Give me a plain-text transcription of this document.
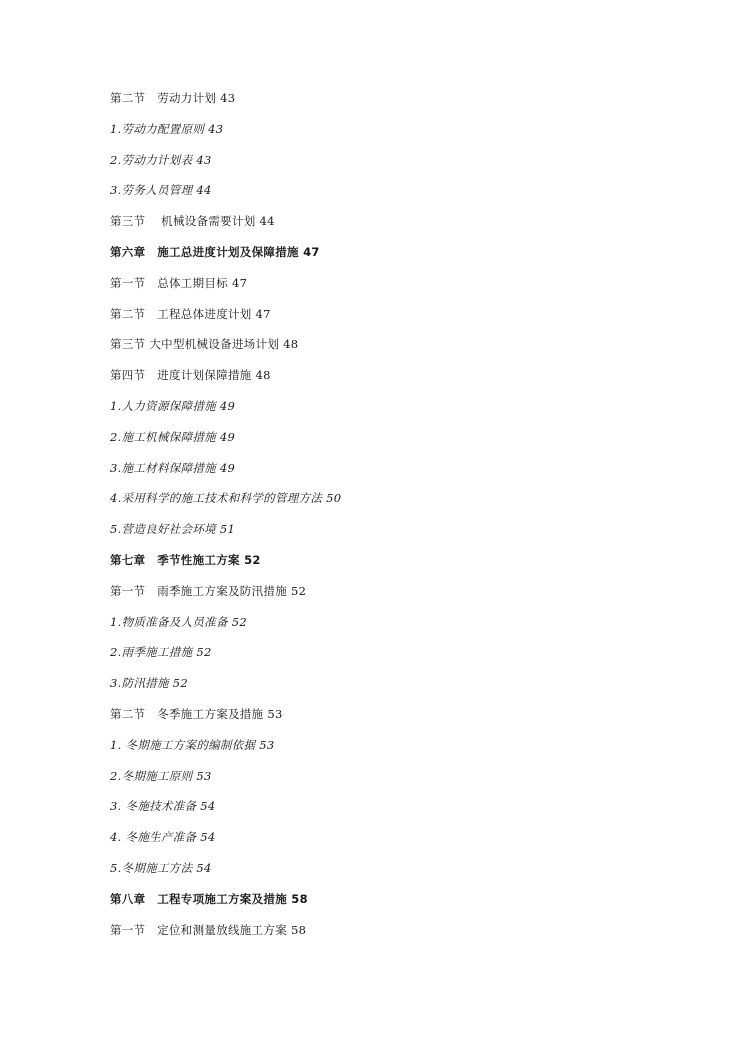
第二节　劳动力计划 43
1.劳动力配置原则 43
2.劳动力计划表 43
3.劳务人员管理 44
第三节　 机械设备需要计划 44
第六章　施工总进度计划及保障措施 47
第一节　总体工期目标 47
第二节　工程总体进度计划 47
第三节 大中型机械设备进场计划 48
第四节　进度计划保障措施 48
1.人力资源保障措施 49
2.施工机械保障措施 49
3.施工材料保障措施 49
4.采用科学的施工技术和科学的管理方法 50
5.营造良好社会环境 51
第七章　季节性施工方案 52
第一节　雨季施工方案及防汛措施 52
1.物质准备及人员准备 52
2.雨季施工措施 52
3.防汛措施 52
第二节　冬季施工方案及措施 53
1. 冬期施工方案的编制依据 53
2.冬期施工原则 53
3. 冬施技术准备 54
4. 冬施生产准备 54
5.冬期施工方法 54
第八章　工程专项施工方案及措施 58
第一节　定位和测量放线施工方案 58
